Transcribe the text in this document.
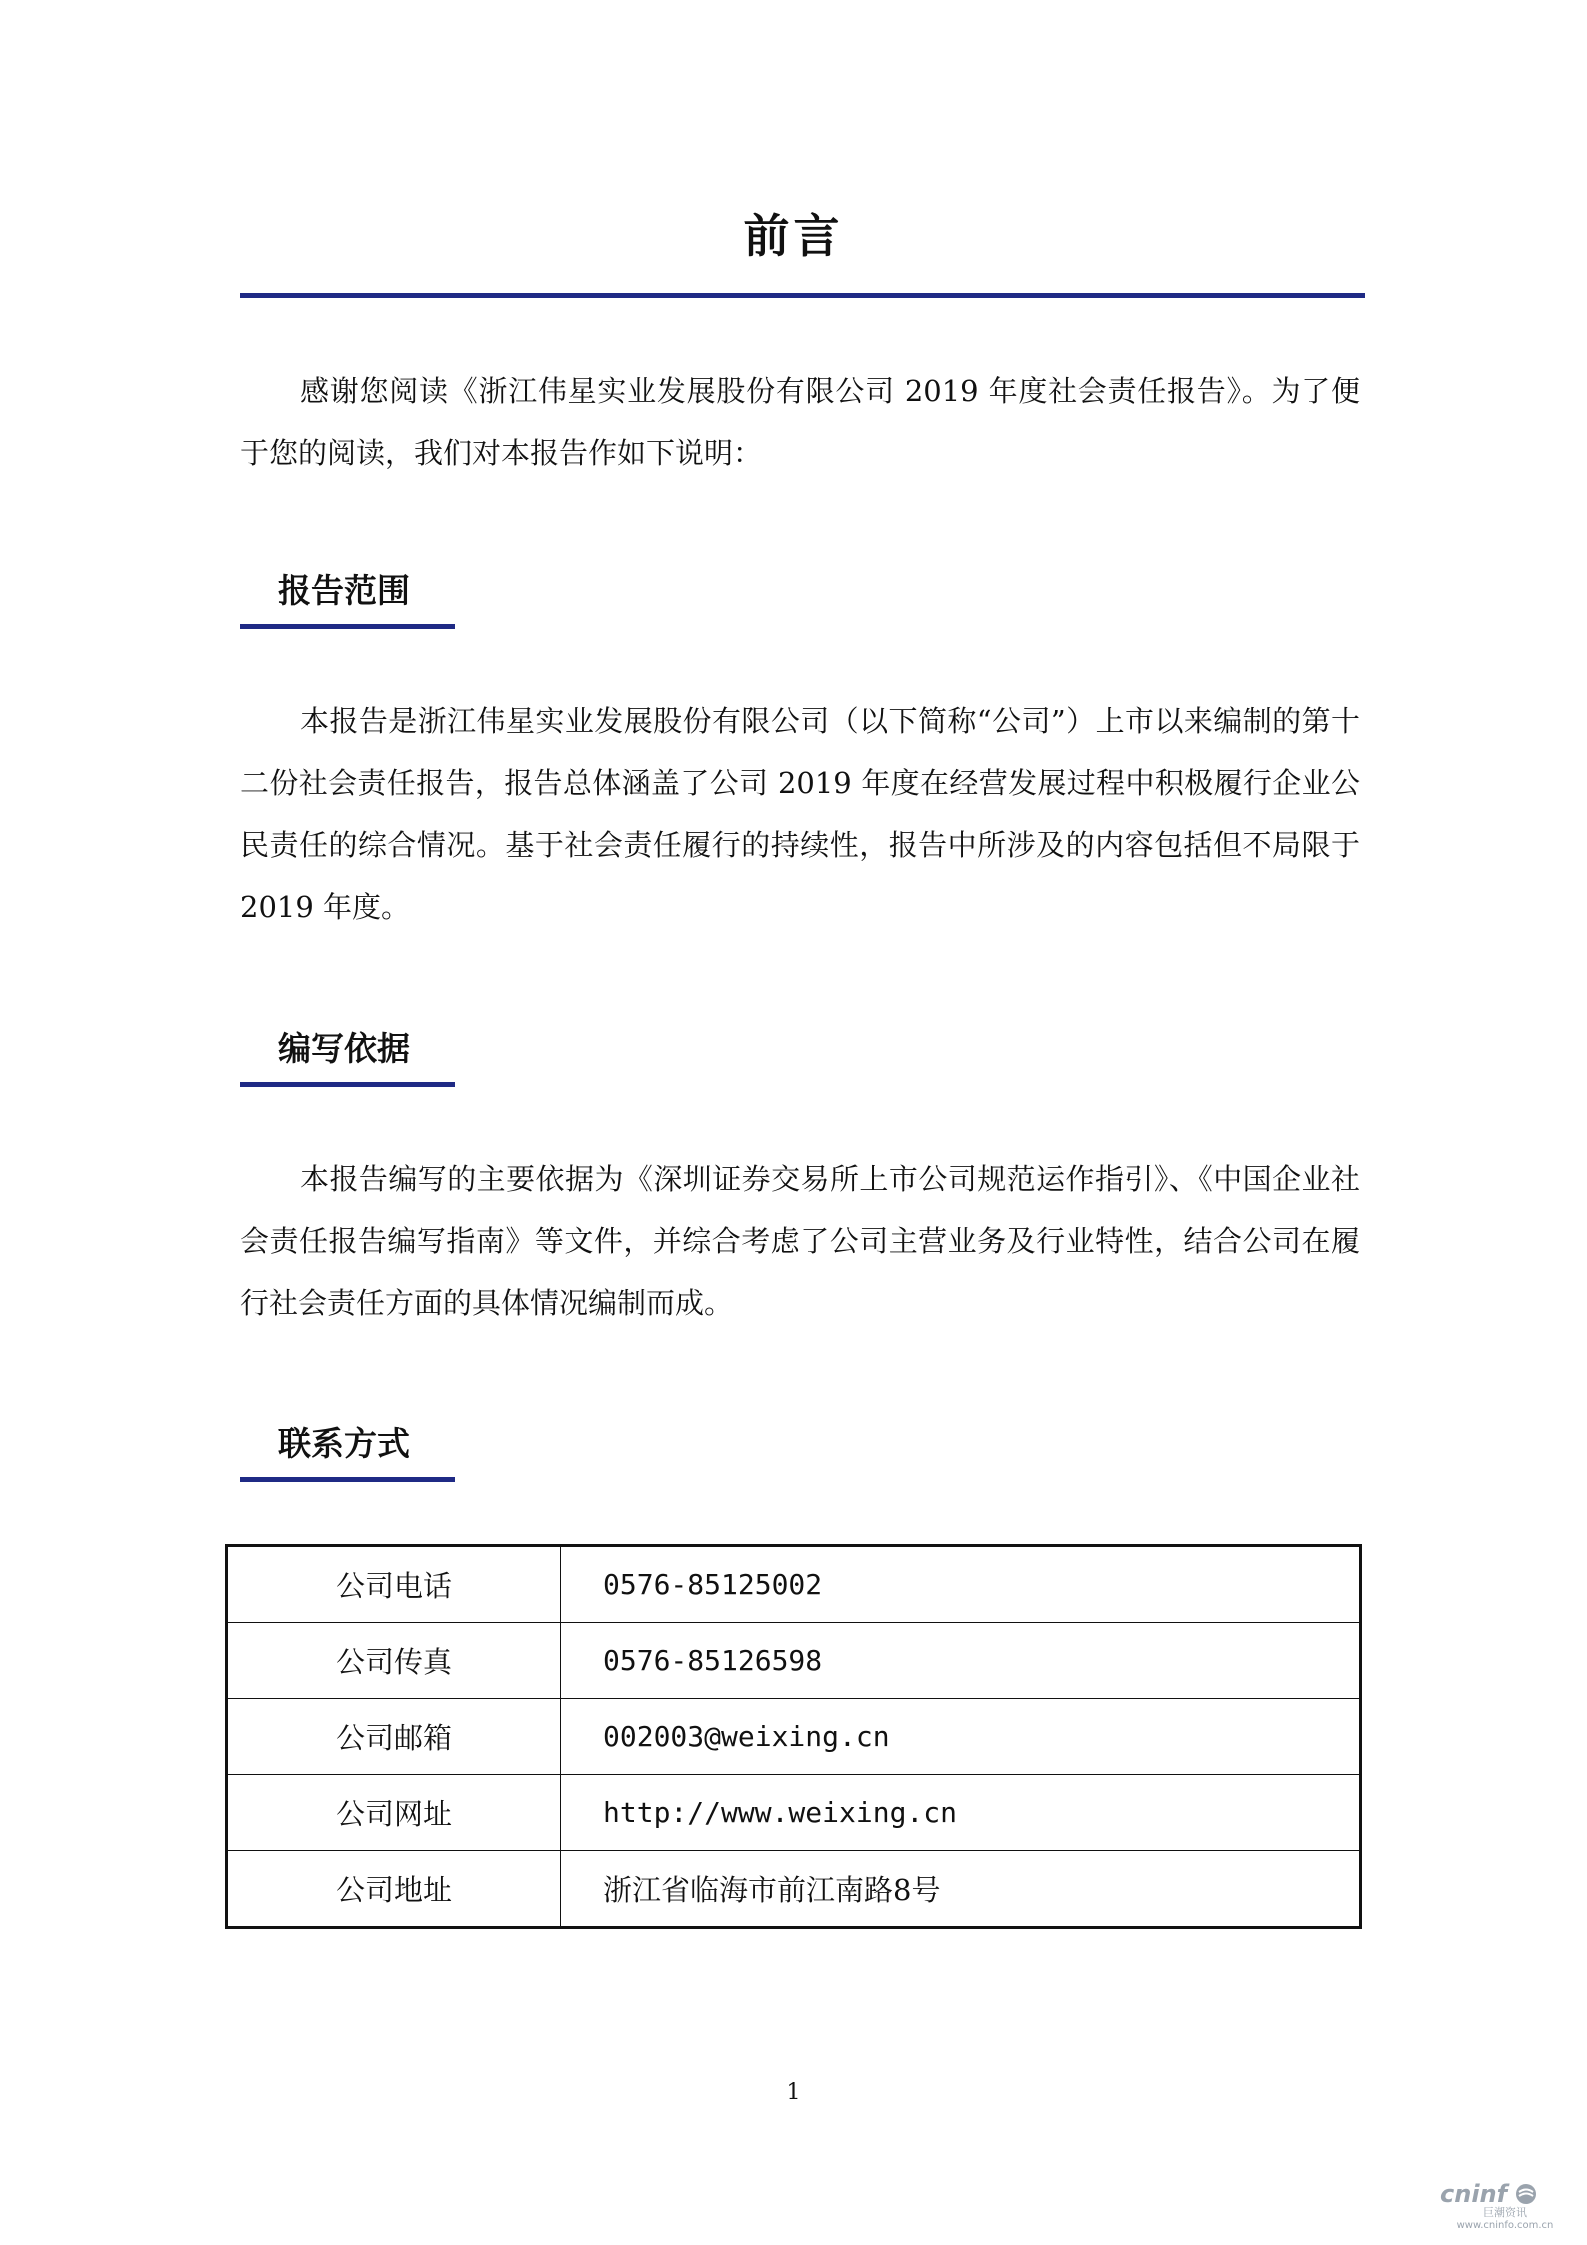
前言
感谢您阅读《浙江伟星实业发展股份有限公司 2019 年度社会责任报告》。为了便于您的阅读，我们对本报告作如下说明：
报告范围
本报告是浙江伟星实业发展股份有限公司（以下简称“公司”）上市以来编制的第十二份社会责任报告，报告总体涵盖了公司 2019 年度在经营发展过程中积极履行企业公民责任的综合情况。基于社会责任履行的持续性，报告中所涉及的内容包括但不局限于 2019 年度。
编写依据
本报告编写的主要依据为《深圳证券交易所上市公司规范运作指引》、《中国企业社会责任报告编写指南》等文件，并综合考虑了公司主营业务及行业特性，结合公司在履行社会责任方面的具体情况编制而成。
联系方式
公司电话	0576-85125002
公司传真	0576-85126598
公司邮箱	002003@weixing.cn
公司网址	http://www.weixing.cn
公司地址	浙江省临海市前江南路8号
1
cninf
巨潮资讯
www.cninfo.com.cn
